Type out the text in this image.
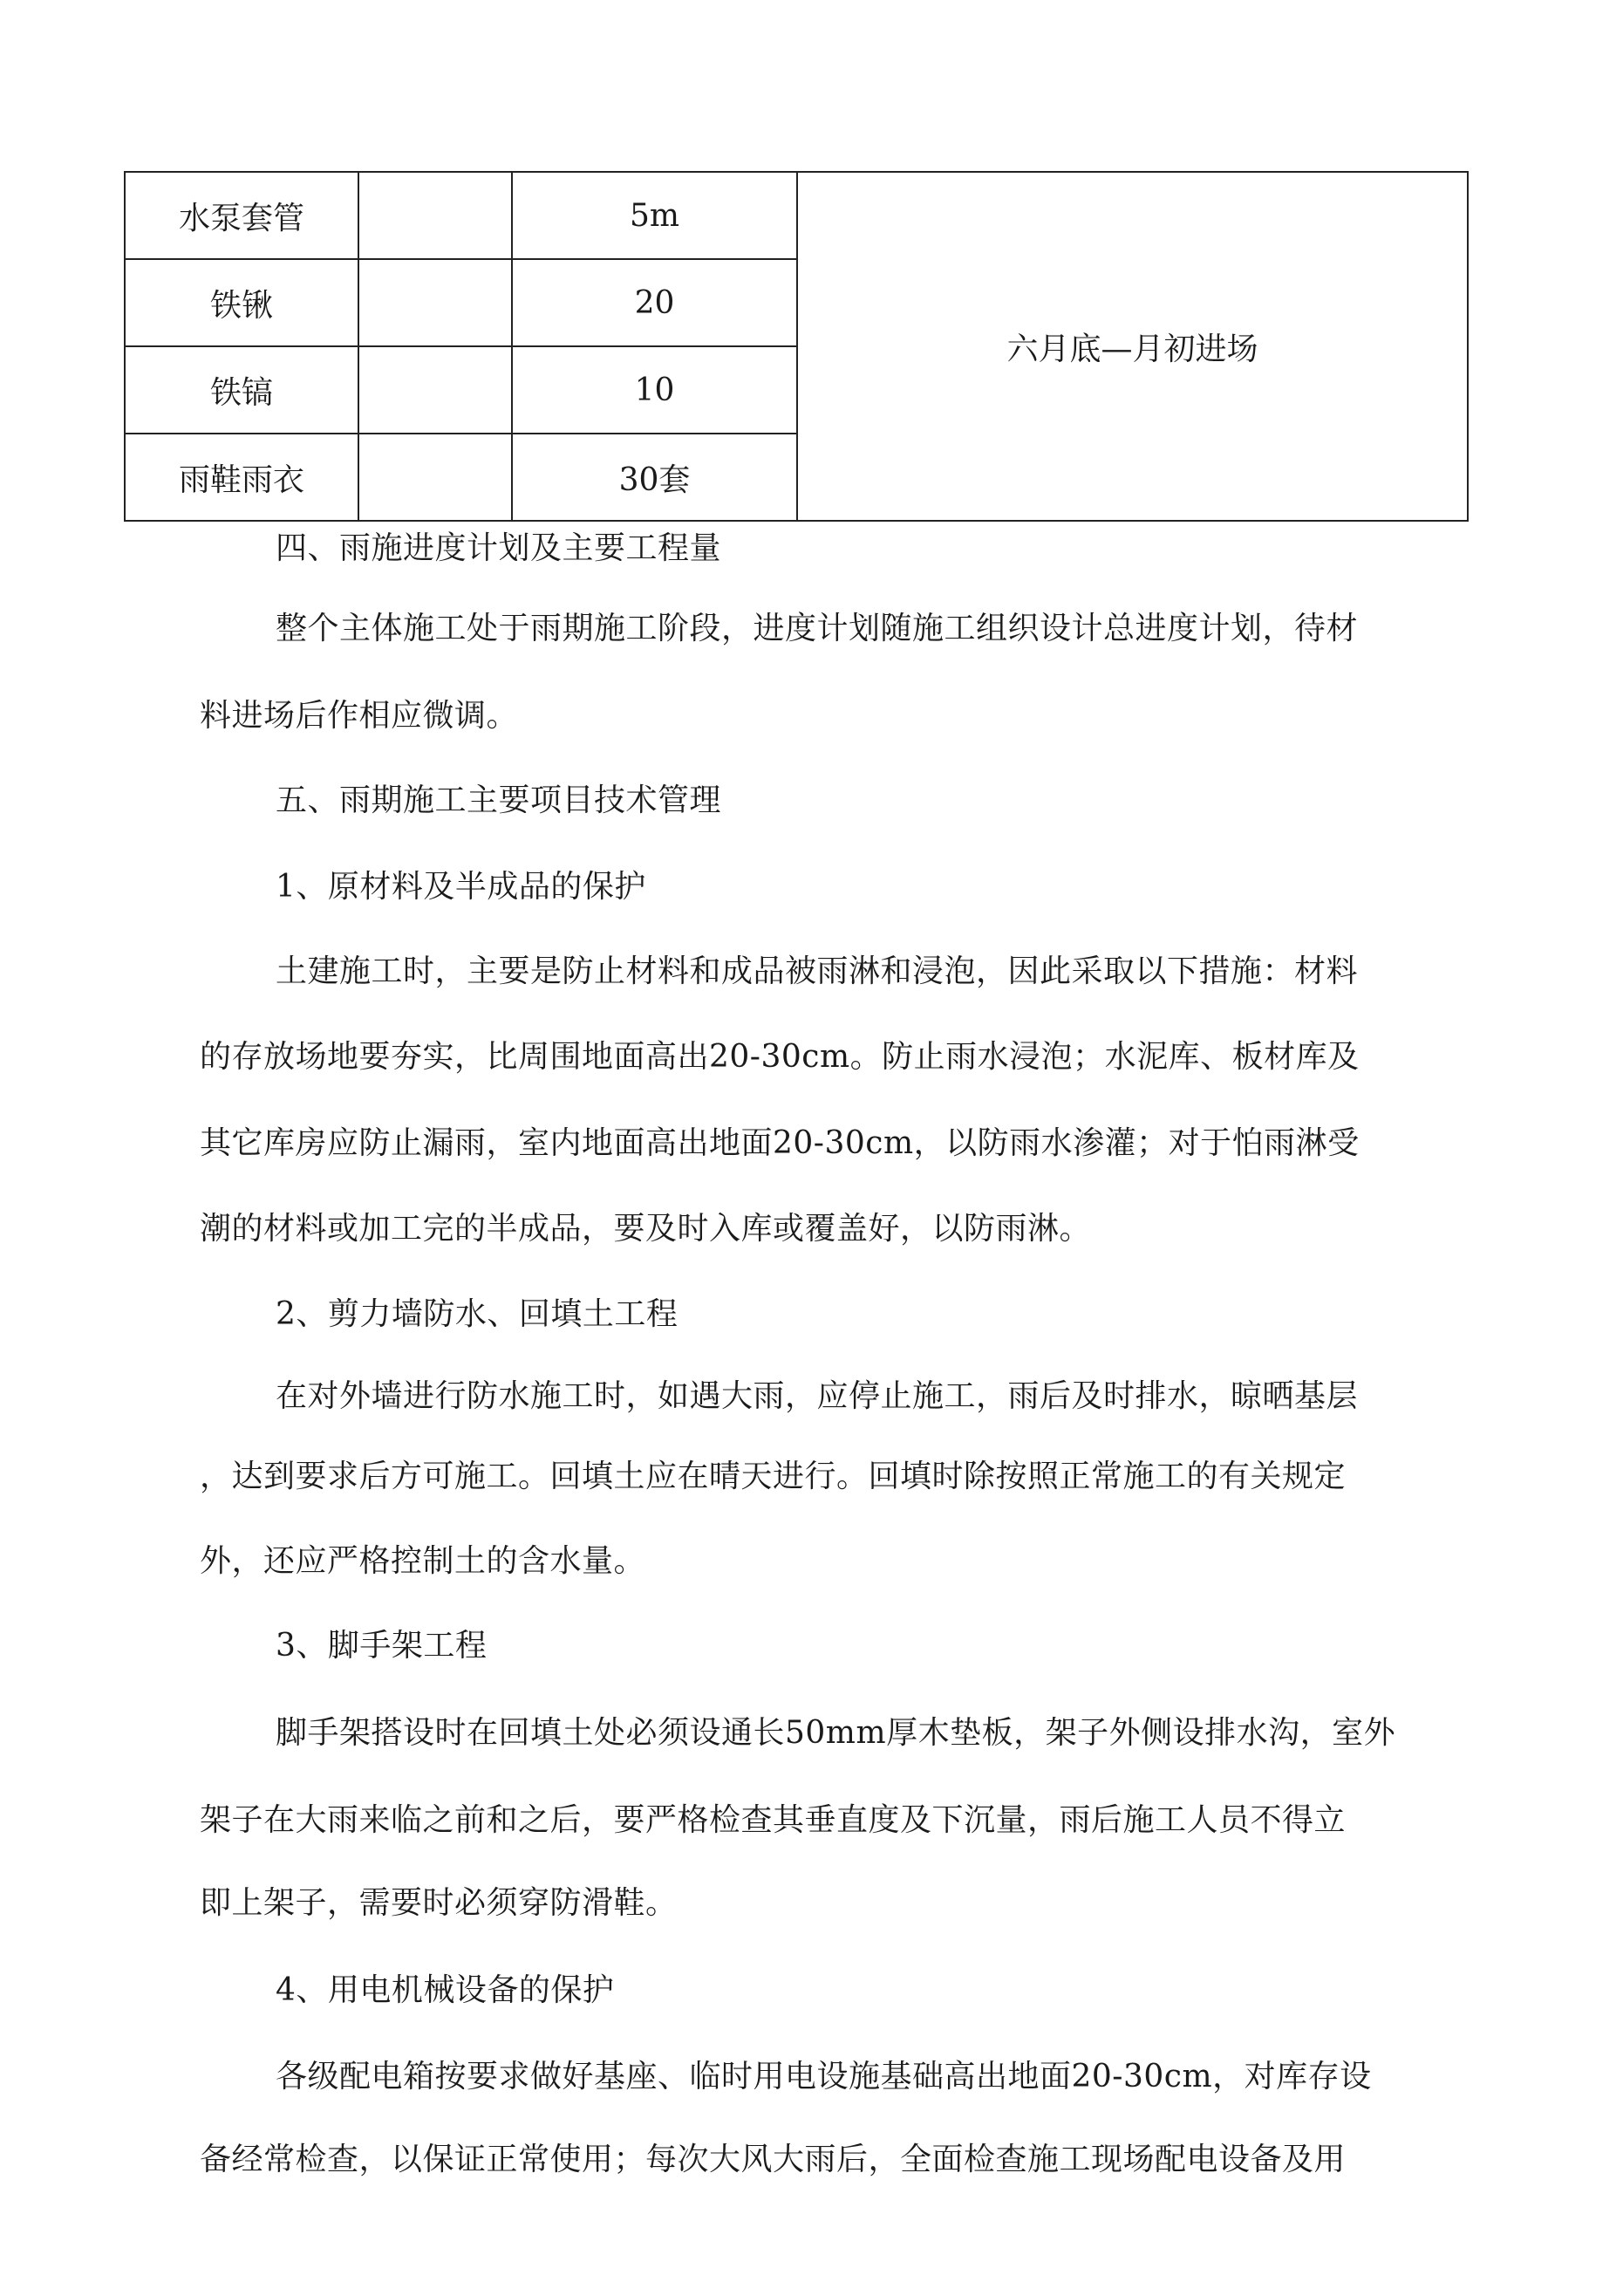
水泵套管		5m	六月底—月初进场
铁锹		20	
铁镐		10	
雨鞋雨衣		30套	
四、雨施进度计划及主要工程量
整个主体施工处于雨期施工阶段，进度计划随施工组织设计总进度计划，待材
料进场后作相应微调。
五、雨期施工主要项目技术管理
1、原材料及半成品的保护
土建施工时，主要是防止材料和成品被雨淋和浸泡，因此采取以下措施：材料
的存放场地要夯实，比周围地面高出20-30cm。防止雨水浸泡；水泥库、板材库及
其它库房应防止漏雨，室内地面高出地面20-30cm，以防雨水渗灌；对于怕雨淋受
潮的材料或加工完的半成品，要及时入库或覆盖好，以防雨淋。
2、剪力墙防水、回填土工程
在对外墙进行防水施工时，如遇大雨，应停止施工，雨后及时排水，晾晒基层
，达到要求后方可施工。回填土应在晴天进行。回填时除按照正常施工的有关规定
外，还应严格控制土的含水量。
3、脚手架工程
脚手架搭设时在回填土处必须设通长50mm厚木垫板，架子外侧设排水沟，室外
架子在大雨来临之前和之后，要严格检查其垂直度及下沉量，雨后施工人员不得立
即上架子，需要时必须穿防滑鞋。
4、用电机械设备的保护
各级配电箱按要求做好基座、临时用电设施基础高出地面20-30cm，对库存设
备经常检查，以保证正常使用；每次大风大雨后，全面检查施工现场配电设备及用
